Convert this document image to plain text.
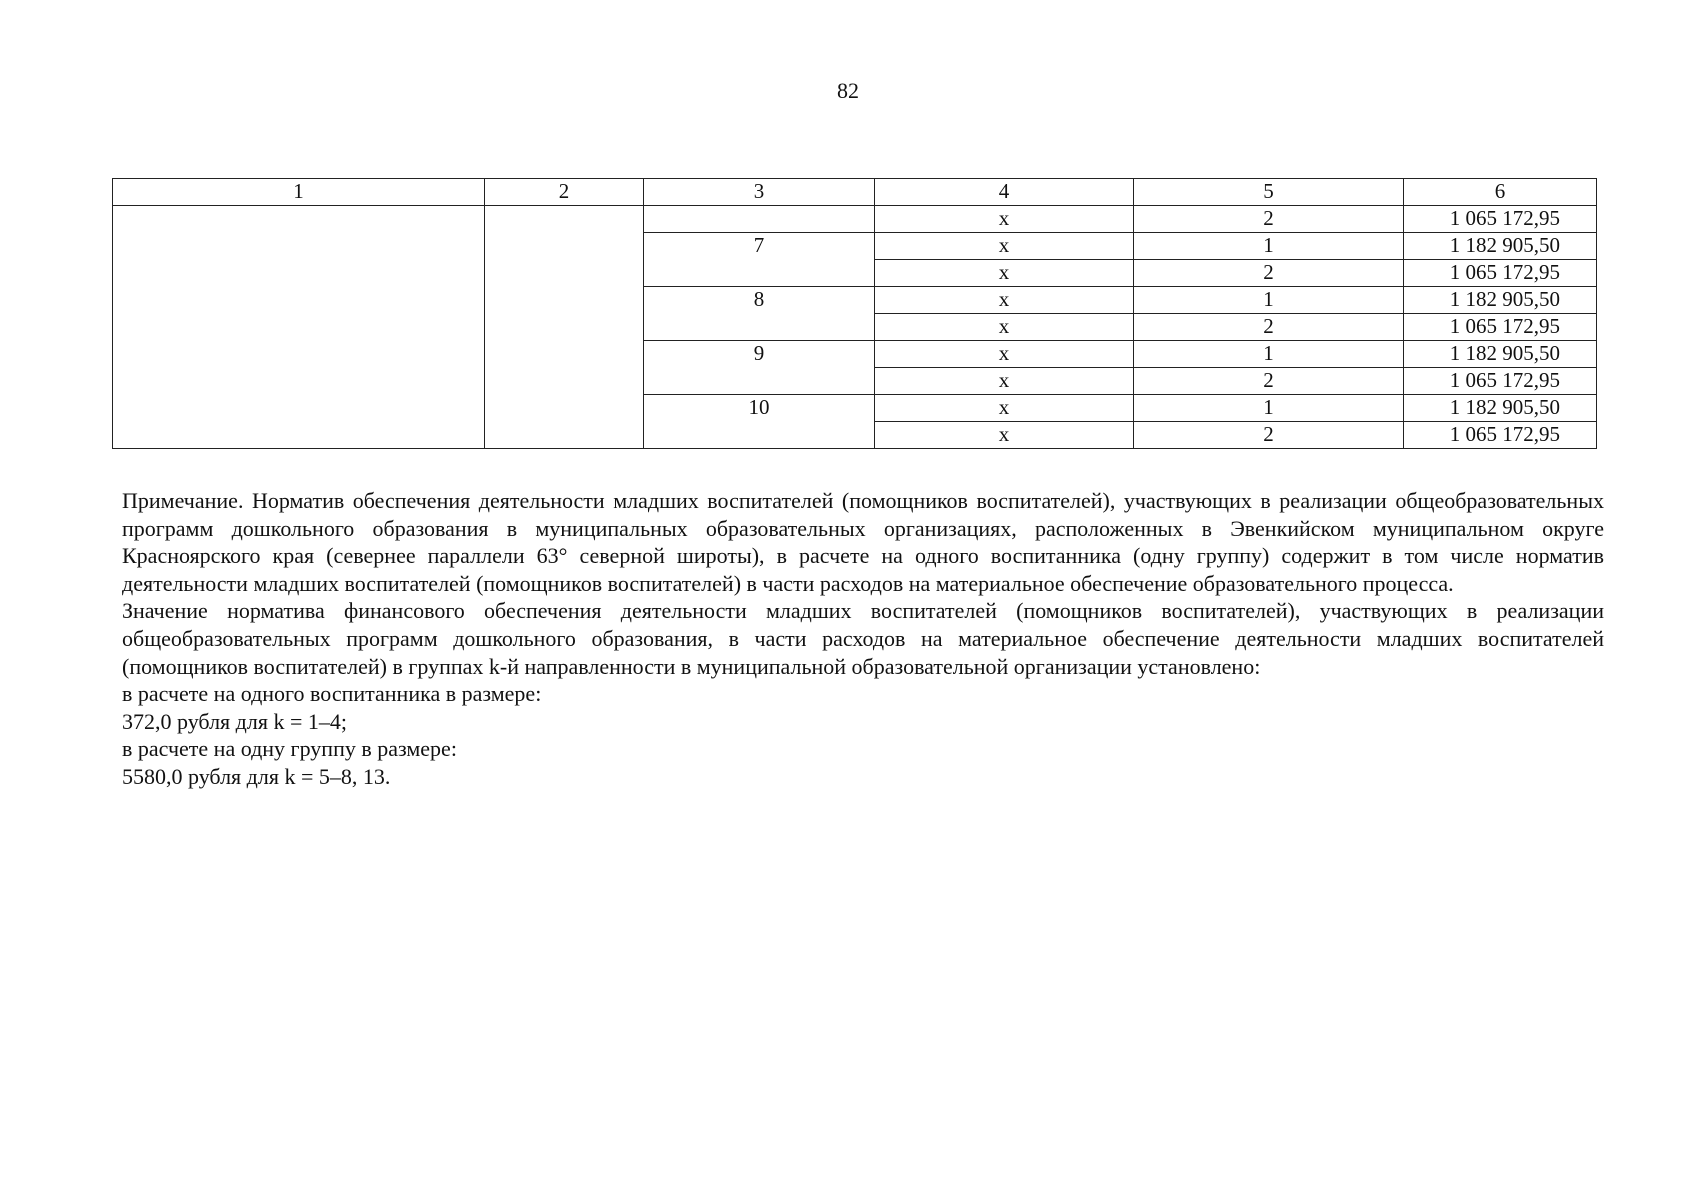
82
1	2	3	4	5	6
			х	2	1 065 172,95
		7	х	1	1 182 905,50
			х	2	1 065 172,95
		8	х	1	1 182 905,50
			х	2	1 065 172,95
		9	х	1	1 182 905,50
			х	2	1 065 172,95
		10	х	1	1 182 905,50
			х	2	1 065 172,95

Примечание. Норматив обеспечения деятельности младших воспитателей (помощников воспитателей), участвующих в реализации общеобразовательных программ дошкольного образования в муниципальных образовательных организациях, расположенных в Эвенкийском муниципальном округе Красноярского края (севернее параллели 63° северной широты), в расчете на одного воспитанника (одну группу) содержит в том числе норматив деятельности младших воспитателей (помощников воспитателей) в части расходов на материальное обеспечение образовательного процесса.

Значение норматива финансового обеспечения деятельности младших воспитателей (помощников воспитателей), участвующих в реализации общеобразовательных программ дошкольного образования, в части расходов на материальное обеспечение деятельности младших воспитателей (помощников воспитателей) в группах k-й направленности в муниципальной образовательной организации установлено:

в расчете на одного воспитанника в размере:

372,0 рубля для k = 1–4;

в расчете на одну группу в размере:

5580,0 рубля для k = 5–8, 13.
